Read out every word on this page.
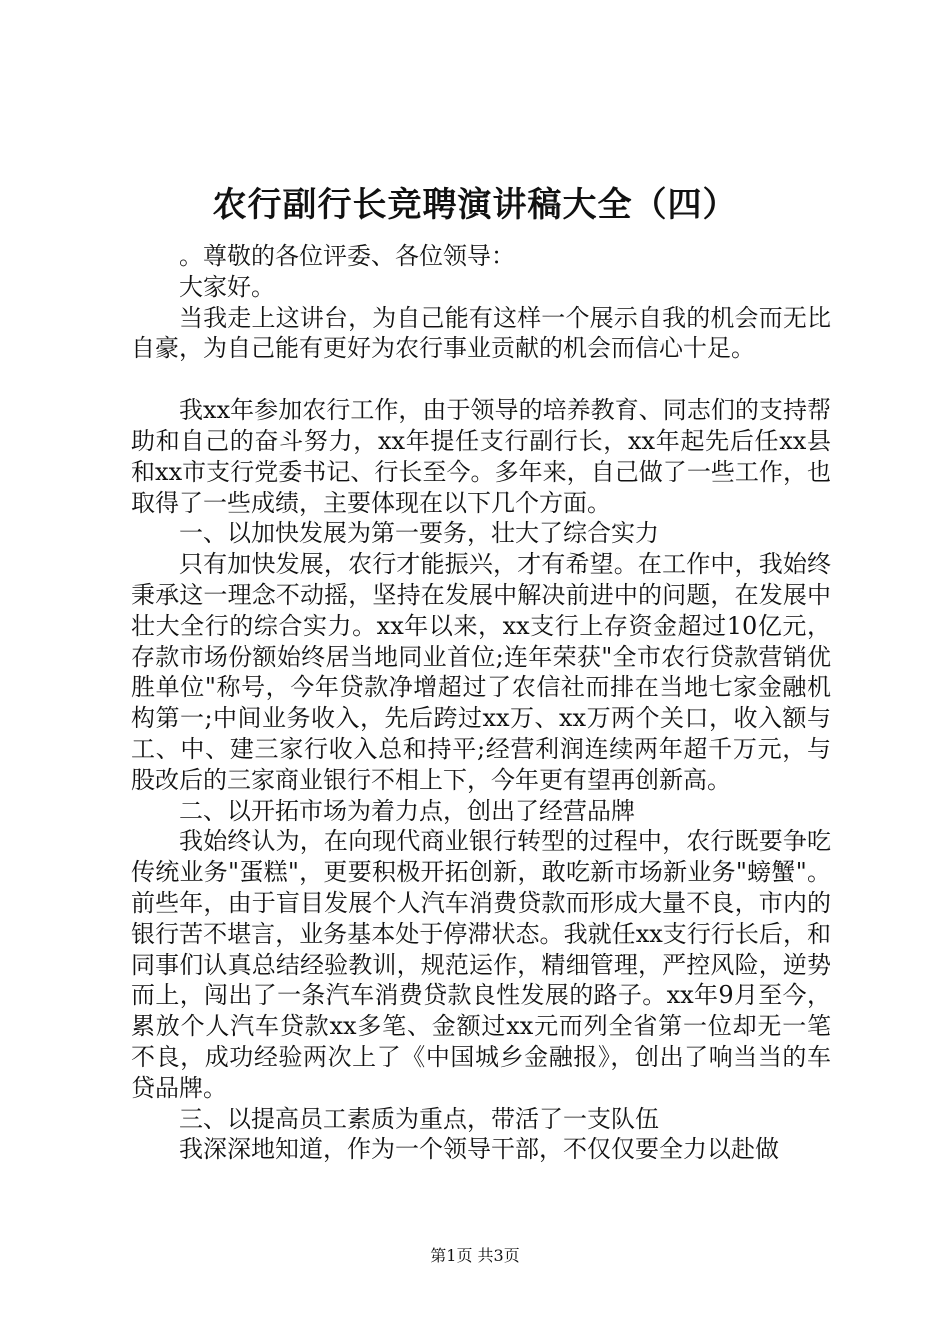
农行副行长竞聘演讲稿大全（四）

。尊敬的各位评委、各位领导：

大家好。

当我走上这讲台，为自己能有这样一个展示自我的机会而无比自豪，为自己能有更好为农行事业贡献的机会而信心十足。

我xx年参加农行工作，由于领导的培养教育、同志们的支持帮助和自己的奋斗努力，xx年提任支行副行长，xx年起先后任xx县和xx市支行党委书记、行长至今。多年来，自己做了一些工作，也取得了一些成绩，主要体现在以下几个方面。

一、以加快发展为第一要务，壮大了综合实力

只有加快发展，农行才能振兴，才有希望。在工作中，我始终秉承这一理念不动摇，坚持在发展中解决前进中的问题，在发展中壮大全行的综合实力。xx年以来，xx支行上存资金超过10亿元，存款市场份额始终居当地同业首位;连年荣获"全市农行贷款营销优胜单位"称号，今年贷款净增超过了农信社而排在当地七家金融机构第一;中间业务收入，先后跨过xx万、xx万两个关口，收入额与工、中、建三家行收入总和持平;经营利润连续两年超千万元，与股改后的三家商业银行不相上下，今年更有望再创新高。

二、以开拓市场为着力点，创出了经营品牌

我始终认为，在向现代商业银行转型的过程中，农行既要争吃传统业务"蛋糕"，更要积极开拓创新，敢吃新市场新业务"螃蟹"。前些年，由于盲目发展个人汽车消费贷款而形成大量不良，市内的银行苦不堪言，业务基本处于停滞状态。我就任xx支行行长后，和同事们认真总结经验教训，规范运作，精细管理，严控风险，逆势而上，闯出了一条汽车消费贷款良性发展的路子。xx年9月至今，累放个人汽车贷款xx多笔、金额过xx元而列全省第一位却无一笔不良，成功经验两次上了《中国城乡金融报》，创出了响当当的车贷品牌。

三、以提高员工素质为重点，带活了一支队伍

我深深地知道，作为一个领导干部，不仅仅要全力以赴做

第1页 共3页
